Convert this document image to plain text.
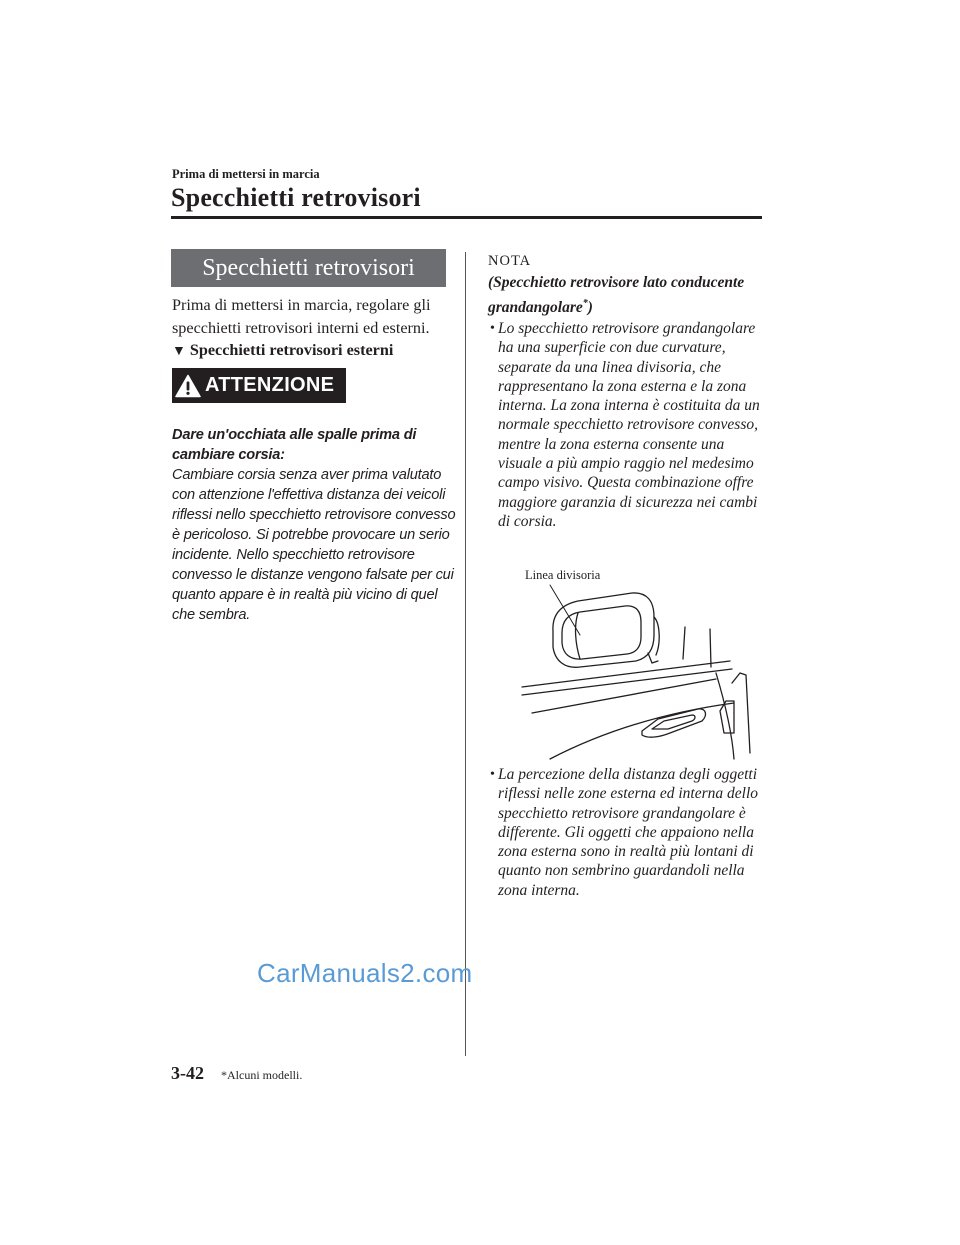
Prima di mettersi in marcia
Specchietti retrovisori
Specchietti retrovisori
Prima di mettersi in marcia, regolare gli specchietti retrovisori interni ed esterni.
▼ Specchietti retrovisori esterni
ATTENZIONE
Dare un'occhiata alle spalle prima di cambiare corsia:
Cambiare corsia senza aver prima valutato con attenzione l'effettiva distanza dei veicoli riflessi nello specchietto retrovisore convesso è pericoloso. Si potrebbe provocare un serio incidente. Nello specchietto retrovisore convesso le distanze vengono falsate per cui quanto appare è in realtà più vicino di quel che sembra.
CarManuals2.com
NOTA
(Specchietto retrovisore lato conducente grandangolare*)
• Lo specchietto retrovisore grandangolare ha una superficie con due curvature, separate da una linea divisoria, che rappresentano la zona esterna e la zona interna. La zona interna è costituita da un normale specchietto retrovisore convesso, mentre la zona esterna consente una visuale a più ampio raggio nel medesimo campo visivo. Questa combinazione offre maggiore garanzia di sicurezza nei cambi di corsia.
Linea divisoria
• La percezione della distanza degli oggetti riflessi nelle zone esterna ed interna dello specchietto retrovisore grandangolare è differente. Gli oggetti che appaiono nella zona esterna sono in realtà più lontani di quanto non sembrino guardandoli nella zona interna.
3-42 *Alcuni modelli.
